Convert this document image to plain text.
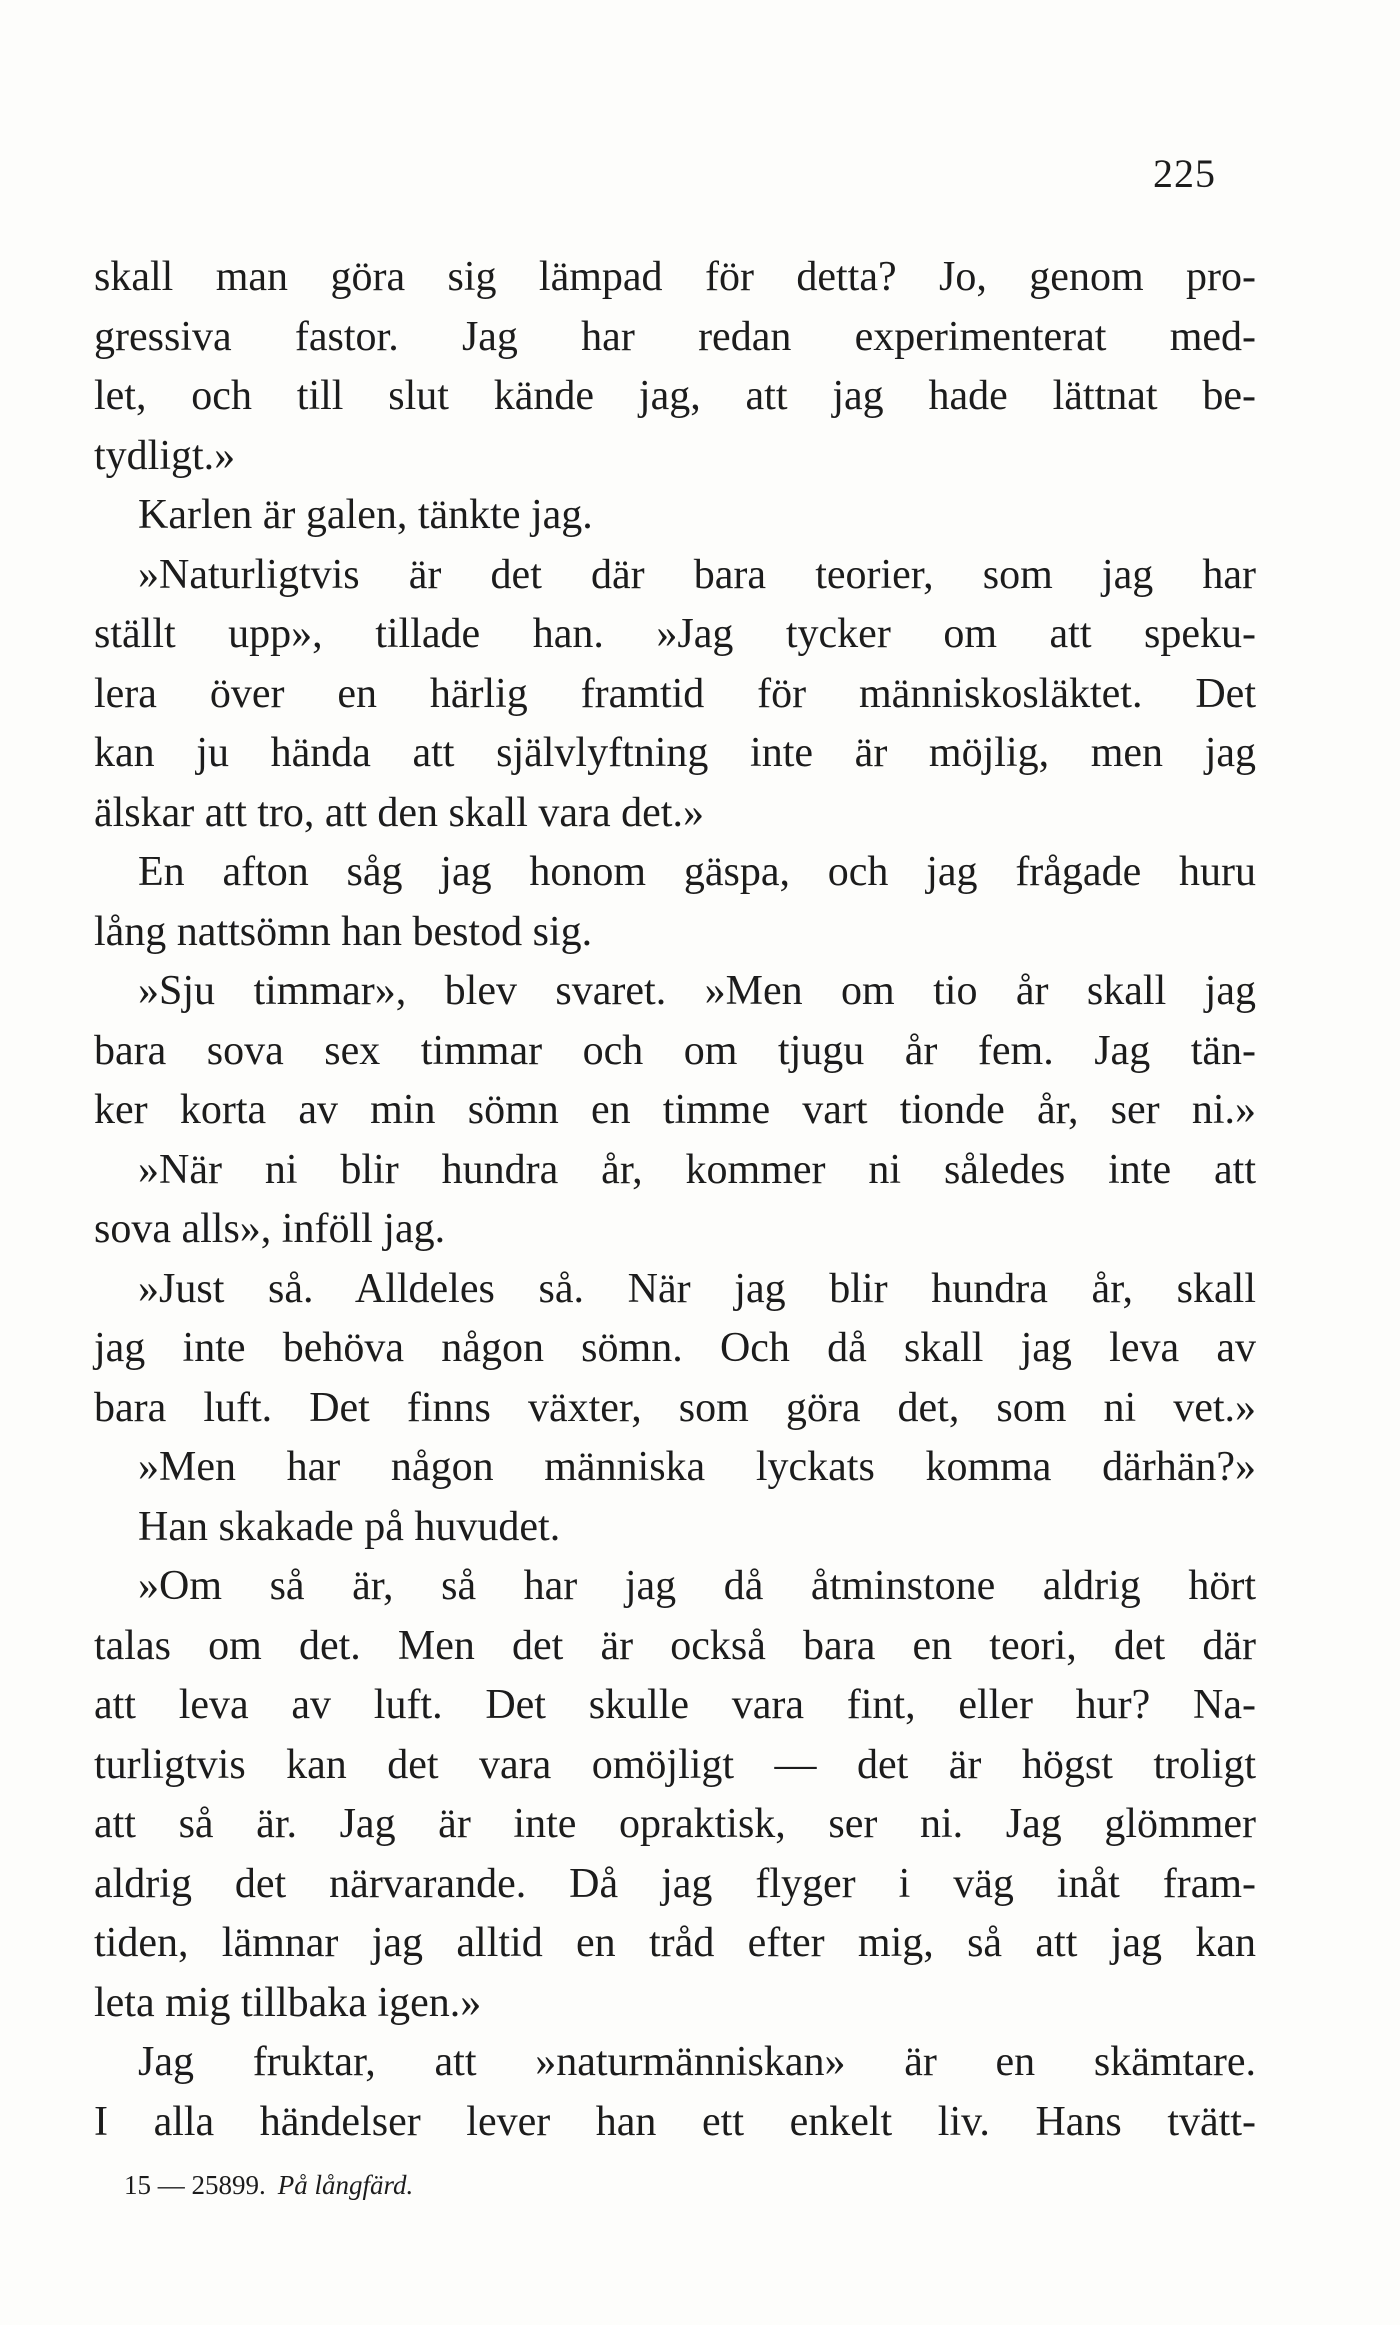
225
skall man göra sig lämpad för detta? Jo, genom pro-
gressiva fastor. Jag har redan experimenterat med-
let, och till slut kände jag, att jag hade lättnat be-
tydligt.»
Karlen är galen, tänkte jag.
»Naturligtvis är det där bara teorier, som jag har
ställt upp», tillade han. »Jag tycker om att speku-
lera över en härlig framtid för människosläktet. Det
kan ju hända att självlyftning inte är möjlig, men jag
älskar att tro, att den skall vara det.»
En afton såg jag honom gäspa, och jag frågade huru
lång nattsömn han bestod sig.
»Sju timmar», blev svaret. »Men om tio år skall jag
bara sova sex timmar och om tjugu år fem. Jag tän-
ker korta av min sömn en timme vart tionde år, ser ni.»
»När ni blir hundra år, kommer ni således inte att
sova alls», inföll jag.
»Just så. Alldeles så. När jag blir hundra år, skall
jag inte behöva någon sömn. Och då skall jag leva av
bara luft. Det finns växter, som göra det, som ni vet.»
»Men har någon människa lyckats komma därhän?»
Han skakade på huvudet.
»Om så är, så har jag då åtminstone aldrig hört
talas om det. Men det är också bara en teori, det där
att leva av luft. Det skulle vara fint, eller hur? Na-
turligtvis kan det vara omöjligt — det är högst troligt
att så är. Jag är inte opraktisk, ser ni. Jag glömmer
aldrig det närvarande. Då jag flyger i väg inåt fram-
tiden, lämnar jag alltid en tråd efter mig, så att jag kan
leta mig tillbaka igen.»
Jag fruktar, att »naturmänniskan» är en skämtare.
I alla händelser lever han ett enkelt liv. Hans tvätt-
15 — 25899. På långfärd.
